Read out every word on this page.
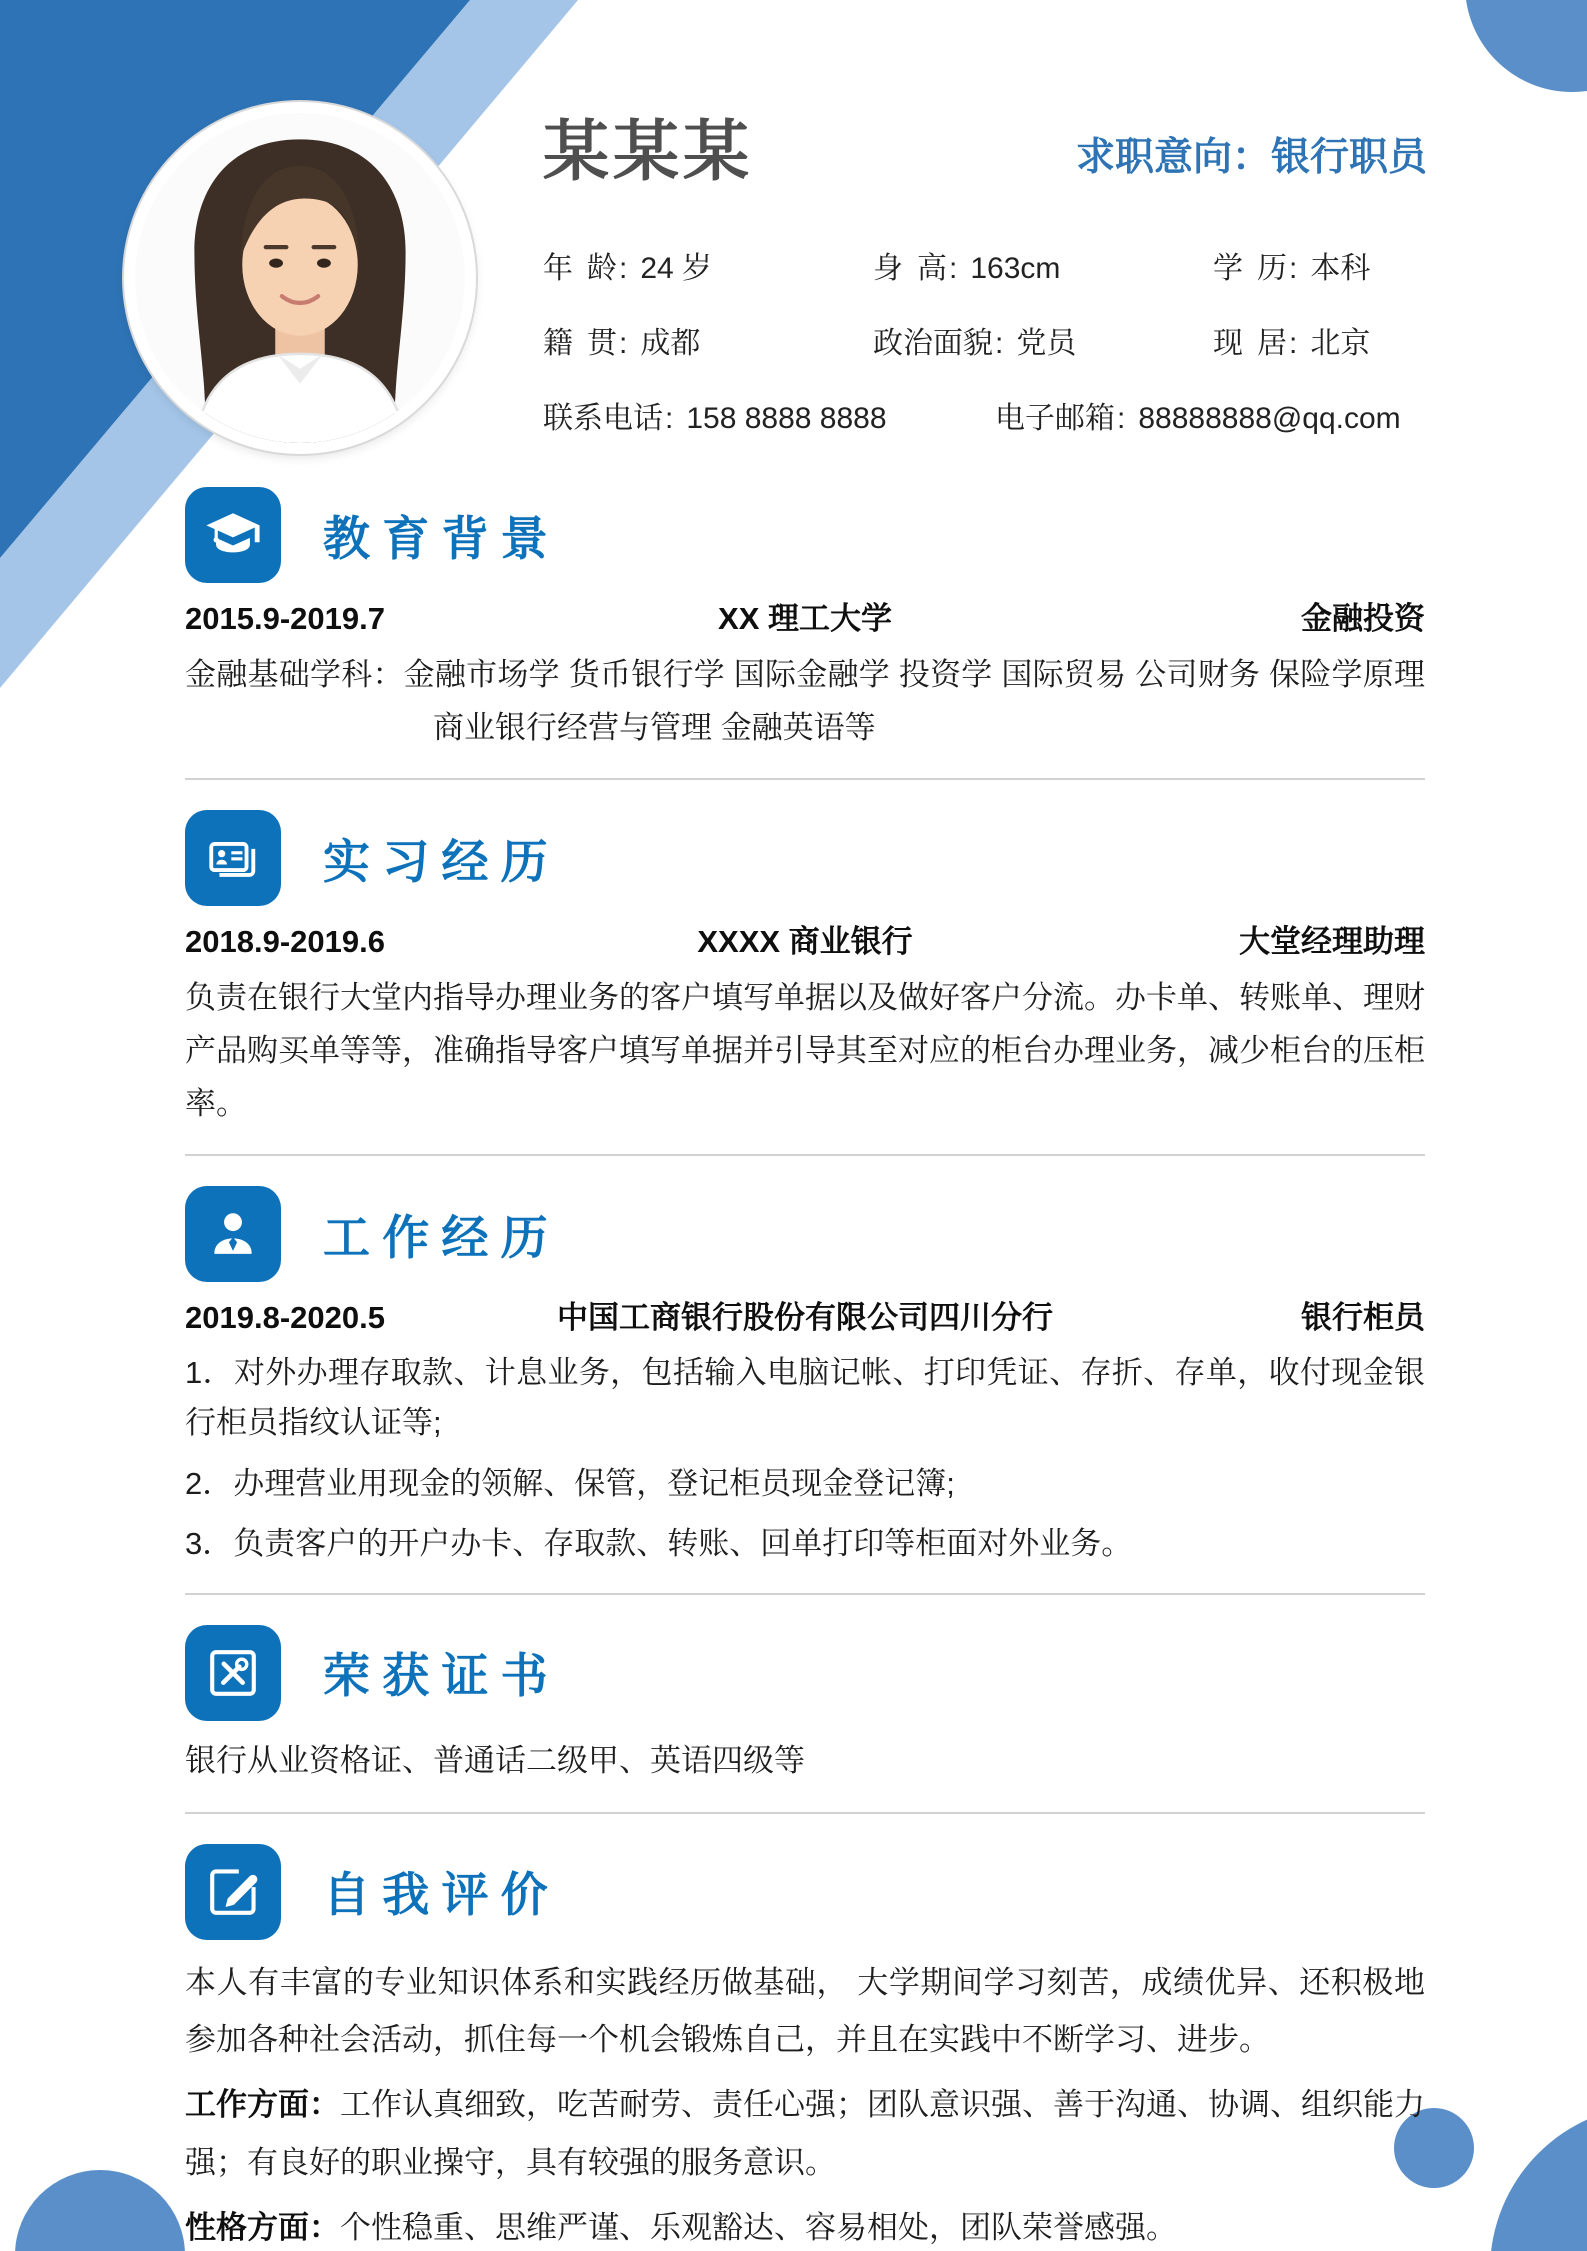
某某某	求职意向：银行职员
年龄 : 24 岁	身高 : 163cm	学历 : 本科
籍贯 : 成都	政治面貌 : 党员	现居 : 北京
联系电话 : 158 8888 8888	电子邮箱 : 88888888@qq.com
教育背景
2015.9-2019.7	XX 理工大学	金融投资
金融基础学科：金融市场学 货币银行学 国际金融学 投资学 国际贸易 公司财务 保险学原理 商业银行经营与管理 金融英语等
实习经历
2018.9-2019.6	XXXX 商业银行	大堂经理助理
负责在银行大堂内指导办理业务的客户填写单据以及做好客户分流。办卡单、转账单、理财产品购买单等等，准确指导客户填写单据并引导其至对应的柜台办理业务，减少柜台的压柜率。
工作经历
2019.8-2020.5	中国工商银行股份有限公司四川分行	银行柜员
1．对外办理存取款、计息业务，包括输入电脑记帐、打印凭证、存折、存单，收付现金银行柜员指纹认证等;
2．办理营业用现金的领解、保管，登记柜员现金登记簿;
3．负责客户的开户办卡、存取款、转账、回单打印等柜面对外业务。
荣获证书
银行从业资格证、普通话二级甲、英语四级等
自我评价

本人有丰富的专业知识体系和实践经历做基础， 大学期间学习刻苦，成绩优异、还积极地参加各种社会活动，抓住每一个机会锻炼自己，并且在实践中不断学习、进步。

工作方面：工作认真细致，吃苦耐劳、责任心强；团队意识强、善于沟通、协调、组织能力强；有良好的职业操守，具有较强的服务意识。

性格方面：个性稳重、思维严谨、乐观豁达、容易相处，团队荣誉感强。
